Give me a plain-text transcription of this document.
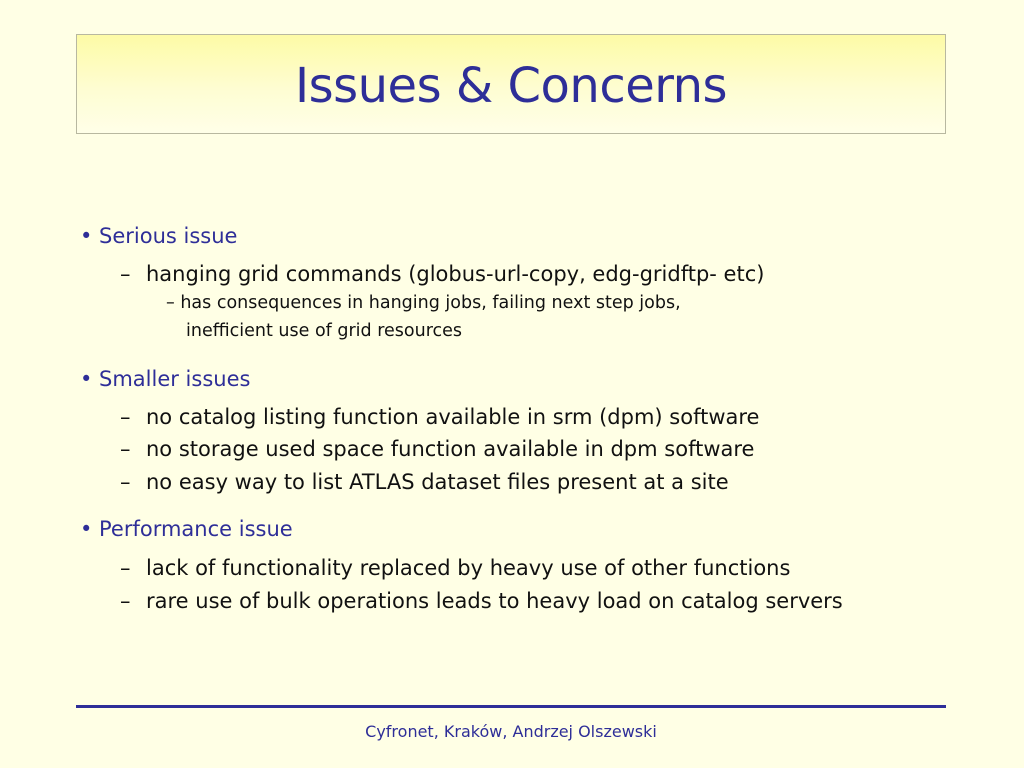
Issues & Concerns
• Serious issue
– hanging grid commands (globus-url-copy, edg-gridftp- etc)
– has consequences in hanging jobs, failing next step jobs,
inefficient use of grid resources
• Smaller issues
– no catalog listing function available in srm (dpm) software
– no storage used space function available in dpm software
– no easy way to list ATLAS dataset files present at a site
• Performance issue
– lack of functionality replaced by heavy use of other functions
– rare use of bulk operations leads to heavy load on catalog servers
Cyfronet, Kraków, Andrzej Olszewski
